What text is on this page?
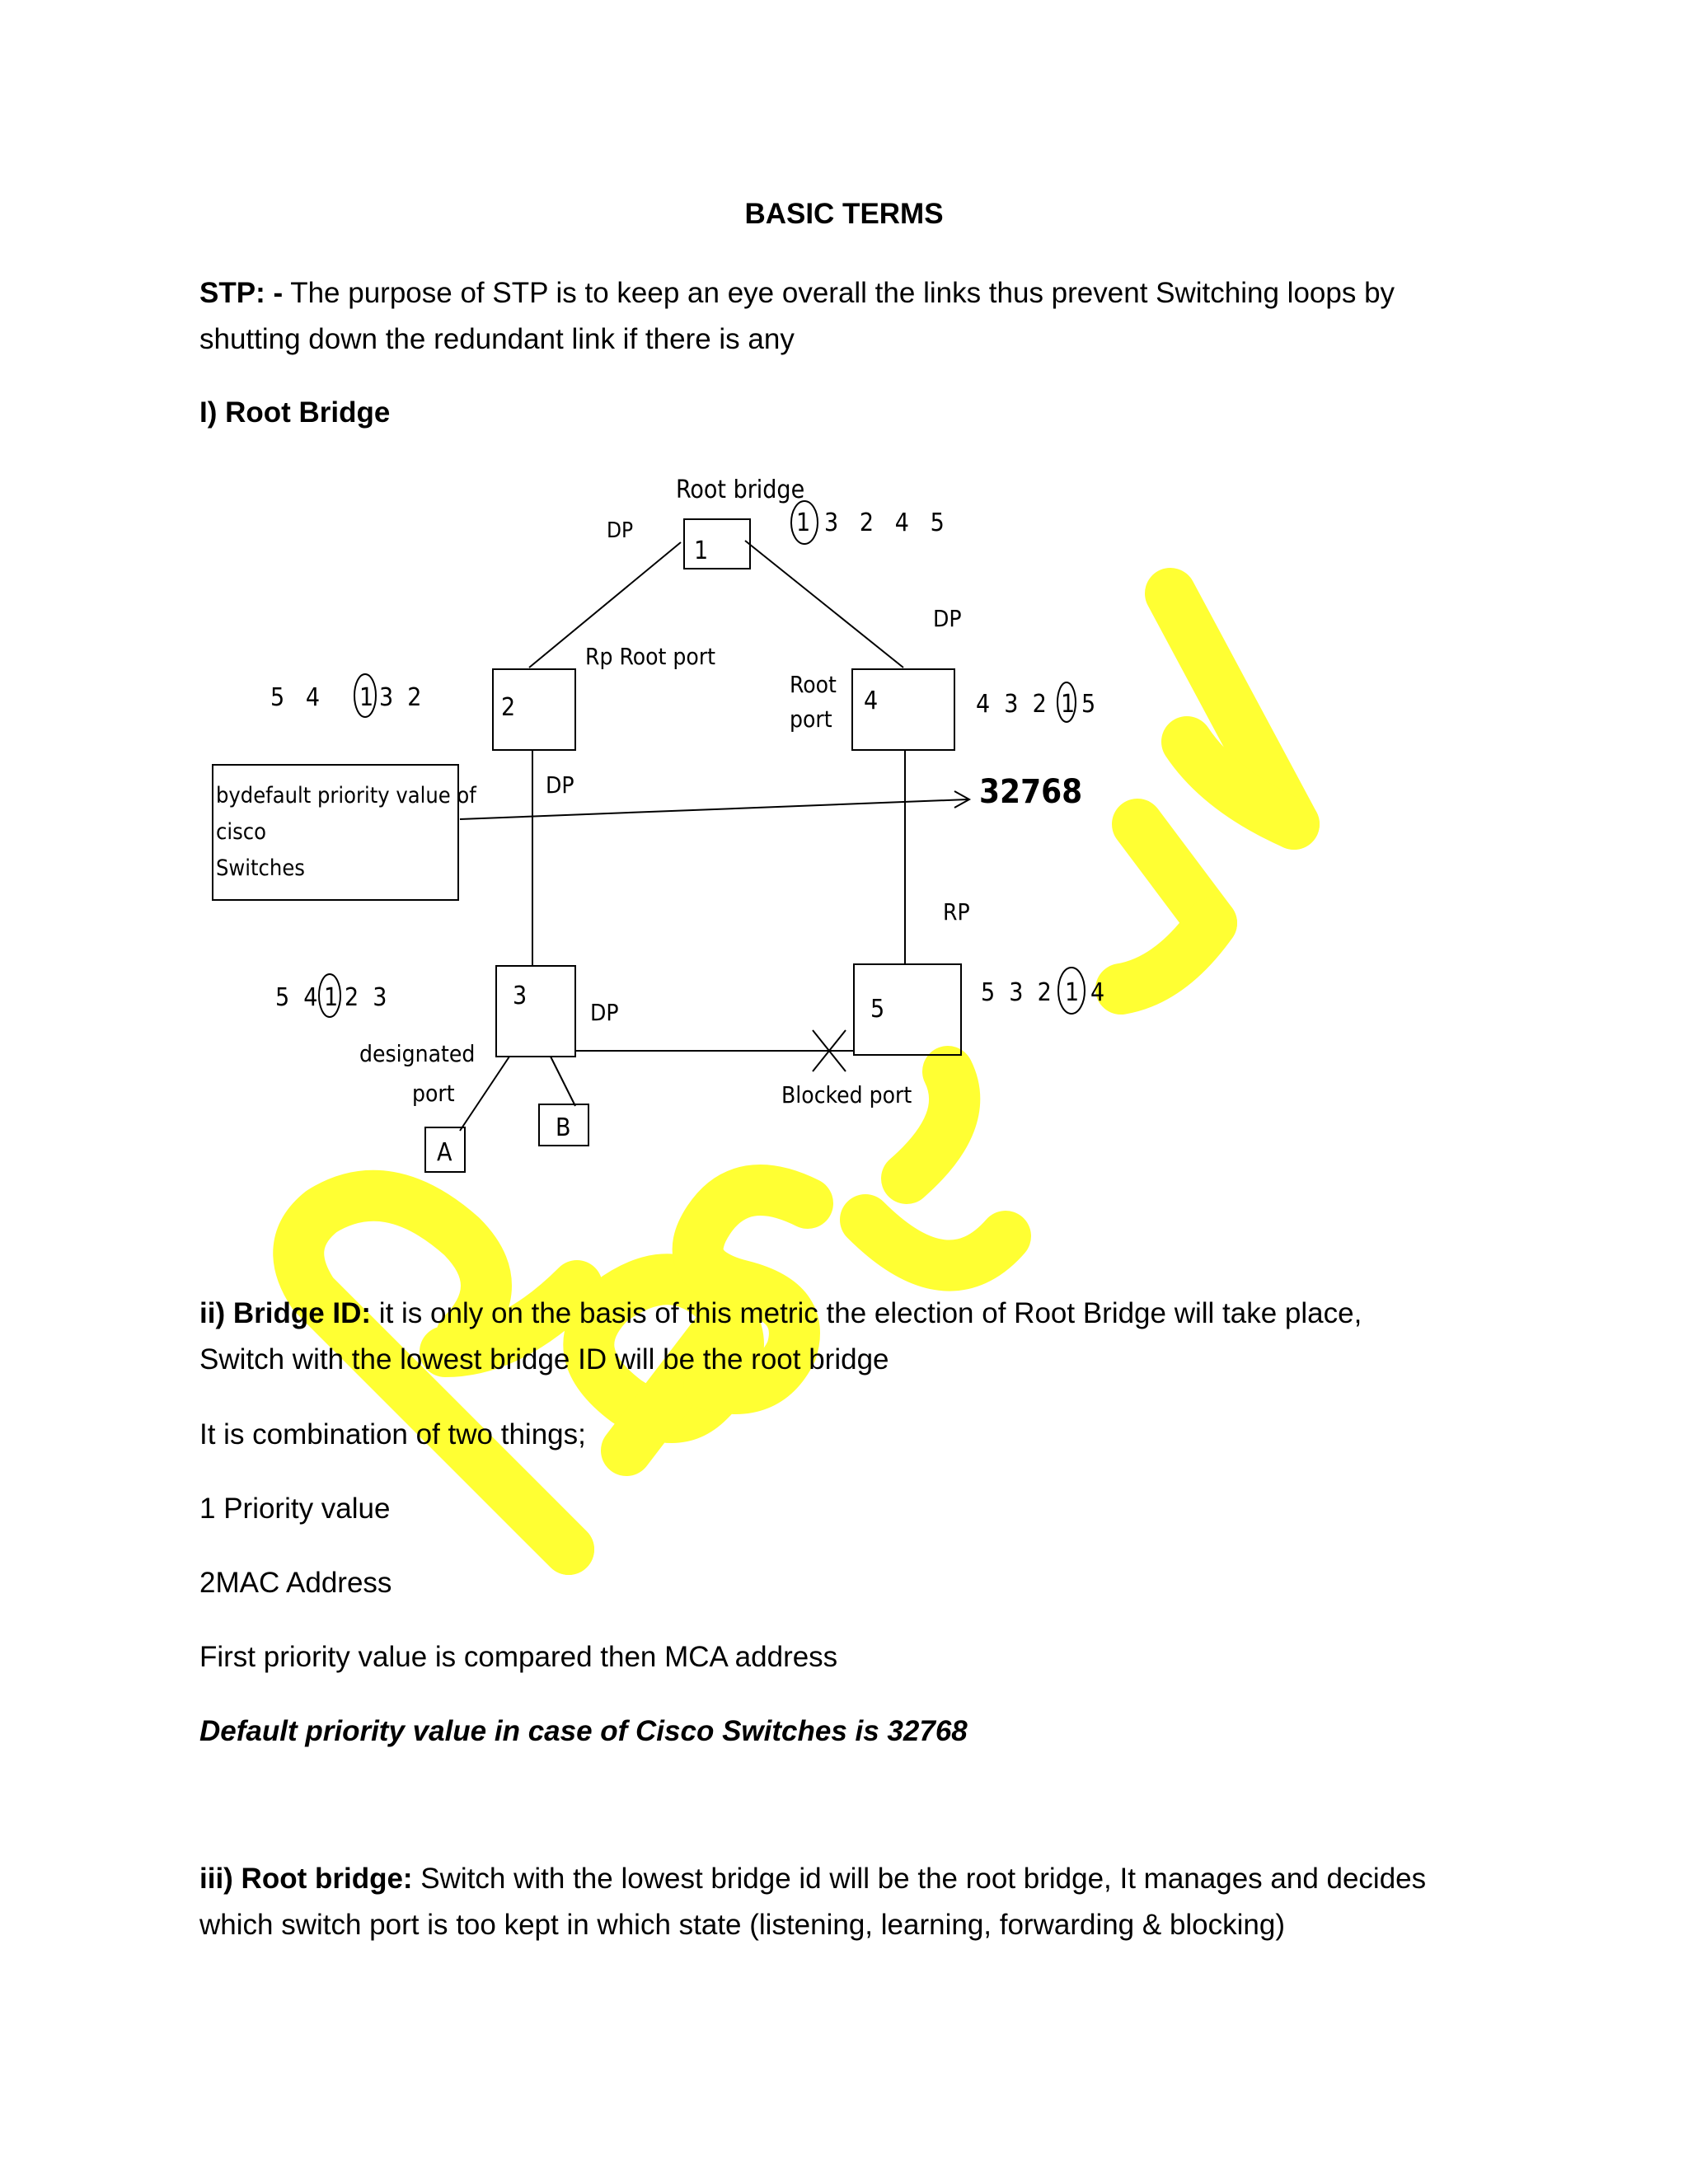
BASIC TERMS
STP: - The purpose of STP is to keep an eye overall the links thus prevent Switching loops by
shutting down the redundant link if there is any
I) Root Bridge
1
2	4
3	5
A
B
Root bridge
DP
DP
Rp Root port
Root
port
DP
RP
DP
designated
port	Blocked port
bydefault priority value of
cisco
Switches
32768
1 3   2   4   5
5   4 1 3  2	4  3  2 1 5
5  4 1 2  3	5  3  2 1 4
ii) Bridge ID: it is only on the basis of this metric the election of Root Bridge will take place,
Switch with the lowest bridge ID will be the root bridge
It is combination of two things;
1 Priority value
2MAC Address
First priority value is compared then MCA address
Default priority value in case of Cisco Switches is 32768
iii) Root bridge: Switch with the lowest bridge id will be the root bridge, It manages and decides
which switch port is too kept in which state (listening, learning, forwarding & blocking)
